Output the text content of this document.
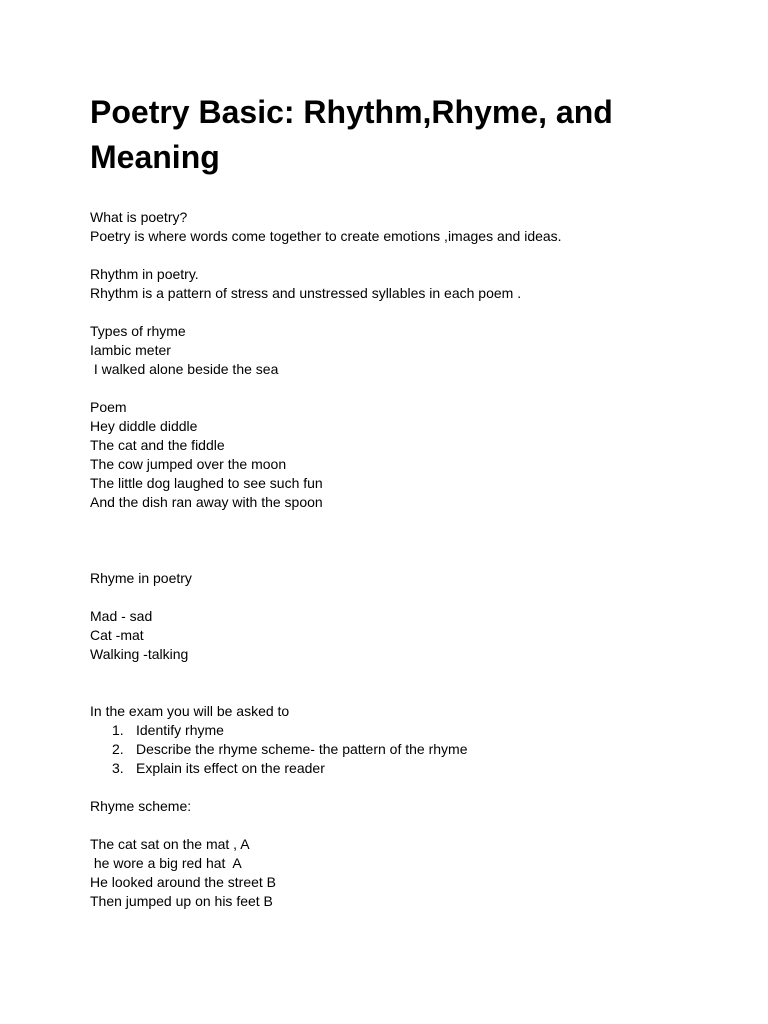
Poetry Basic: Rhythm,Rhyme, and Meaning
What is poetry?
Poetry is where words come together to create emotions ,images and ideas.
Rhythm in poetry.
Rhythm is a pattern of stress and unstressed syllables in each poem .
Types of rhyme
Iambic meter
I walked alone beside the sea
Poem
Hey diddle diddle
The cat and the fiddle
The cow jumped over the moon
The little dog laughed to see such fun
And the dish ran away with the spoon
Rhyme in poetry
Mad - sad
Cat -mat
Walking -talking
In the exam you will be asked to
1. Identify rhyme
2. Describe the rhyme scheme- the pattern of the rhyme
3. Explain its effect on the reader
Rhyme scheme:
The cat sat on the mat , A
he wore a big red hat  A
He looked around the street B
Then jumped up on his feet B
